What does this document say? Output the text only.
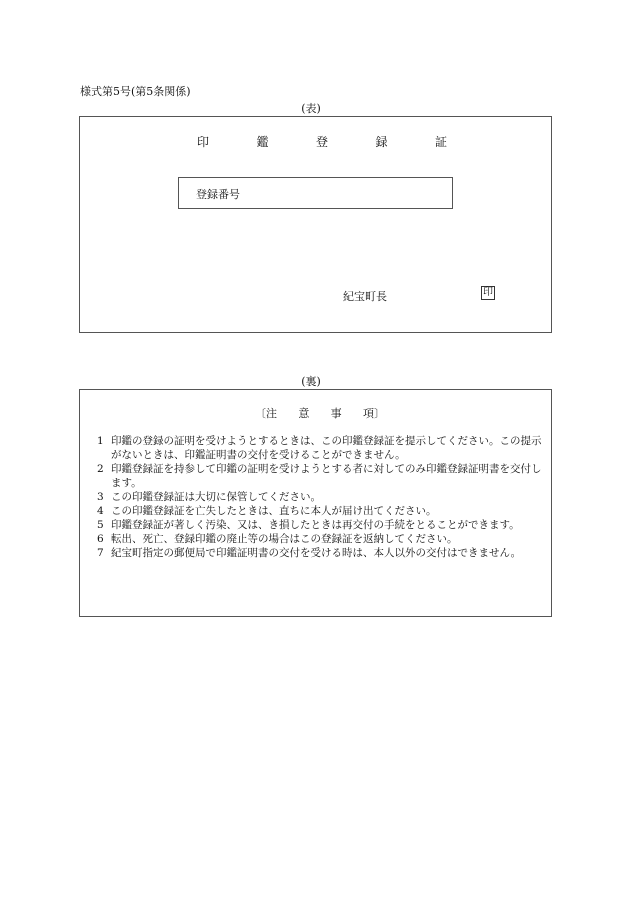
様式第5号(第5条関係)
(表)
印	鑑	登	録	証
登録番号
紀宝町長	印
(裏)
〔注 意 事 項〕
1 印鑑の登録の証明を受けようとするときは、この印鑑登録証を提示してください。この提示がないときは、印鑑証明書の交付を受けることができません。
2 印鑑登録証を持参して印鑑の証明を受けようとする者に対してのみ印鑑登録証明書を交付します。
3 この印鑑登録証は大切に保管してください。
4 この印鑑登録証を亡失したときは、直ちに本人が届け出てください。
5 印鑑登録証が著しく汚染、又は、き損したときは再交付の手続をとることができます。
6 転出、死亡、登録印鑑の廃止等の場合はこの登録証を返納してください。
7 紀宝町指定の郵便局で印鑑証明書の交付を受ける時は、本人以外の交付はできません。
